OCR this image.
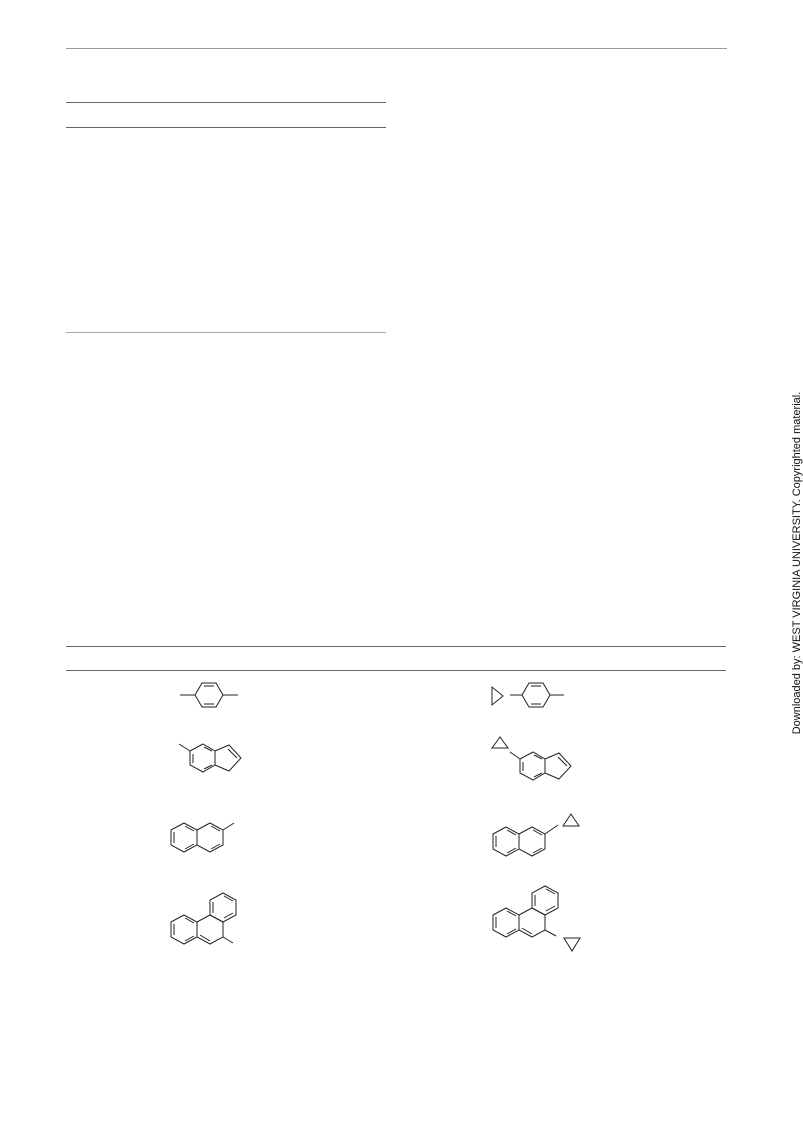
Downloaded by: WEST VIRGINIA UNIVERSITY. Copyrighted material.
